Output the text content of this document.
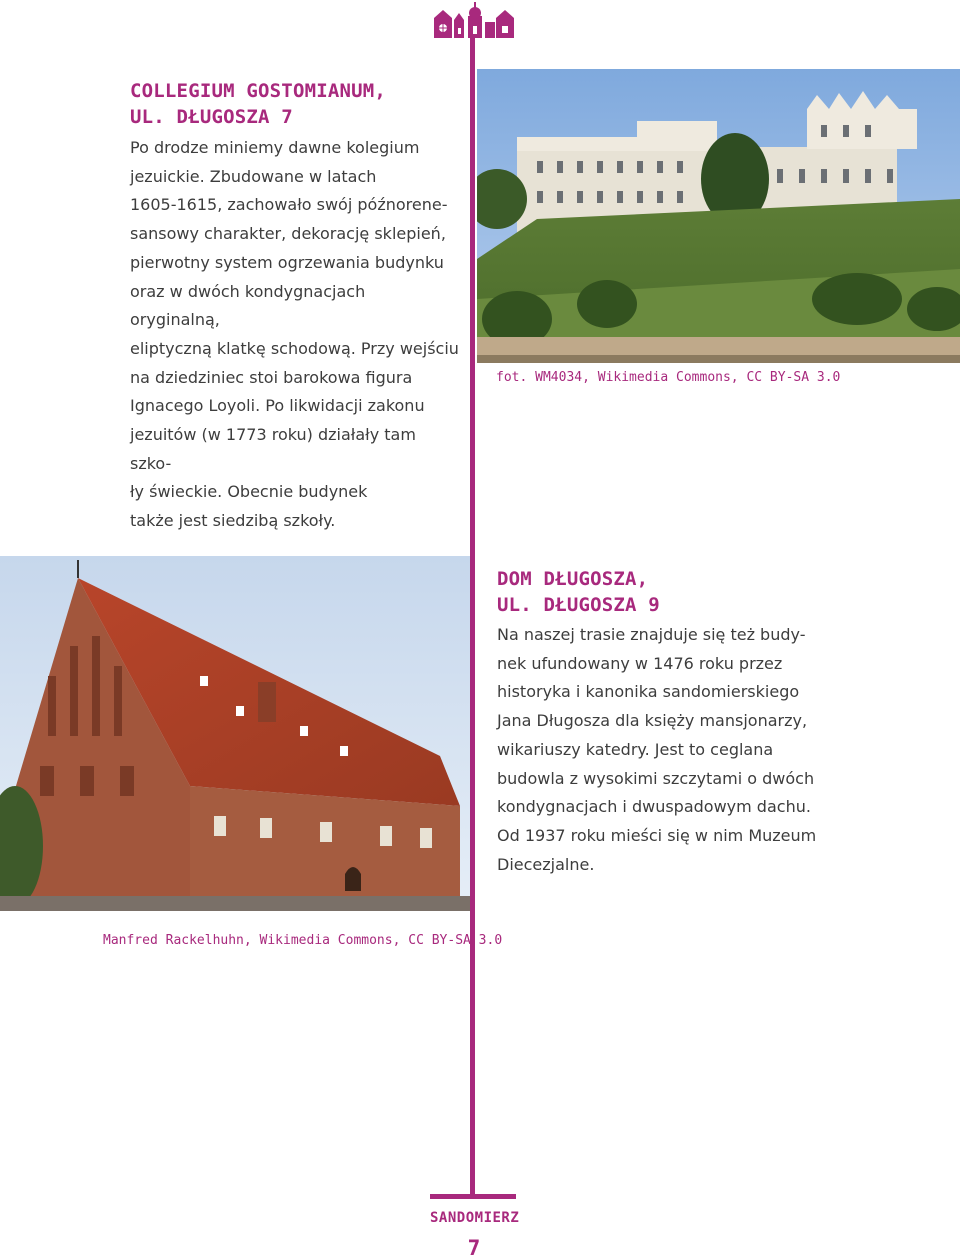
COLLEGIUM GOSTOMIANUM,

UL. DŁUGOSZA 7

Po drodze miniemy dawne kolegium
jezuickie. Zbudowane w latach
1605-1615, zachowało swój późnorene-
sansowy charakter, dekorację sklepień,
pierwotny system ogrzewania budynku
oraz w dwóch kondygnacjach oryginalną,
eliptyczną klatkę schodową. Przy wejściu
na dziedziniec stoi barokowa figura
Ignacego Loyoli. Po likwidacji zakonu
jezuitów (w 1773 roku) działały tam szko-
ły świeckie. Obecnie budynek
także jest siedzibą szkoły.

fot. WM4034, Wikimedia Commons, CC BY-SA 3.0
Manfred Rackelhuhn, Wikimedia Commons, CC BY-SA 3.0

DOM DŁUGOSZA,

UL. DŁUGOSZA 9

Na naszej trasie znajduje się też budy-
nek ufundowany w 1476 roku przez
historyka i kanonika sandomierskiego
Jana Długosza dla księży mansjonarzy,
wikariuszy katedry. Jest to ceglana
budowla z wysokimi szczytami o dwóch
kondygnacjach i dwuspadowym dachu.
Od 1937 roku mieści się w nim Muzeum
Diecezjalne.

SANDOMIERZ
7
